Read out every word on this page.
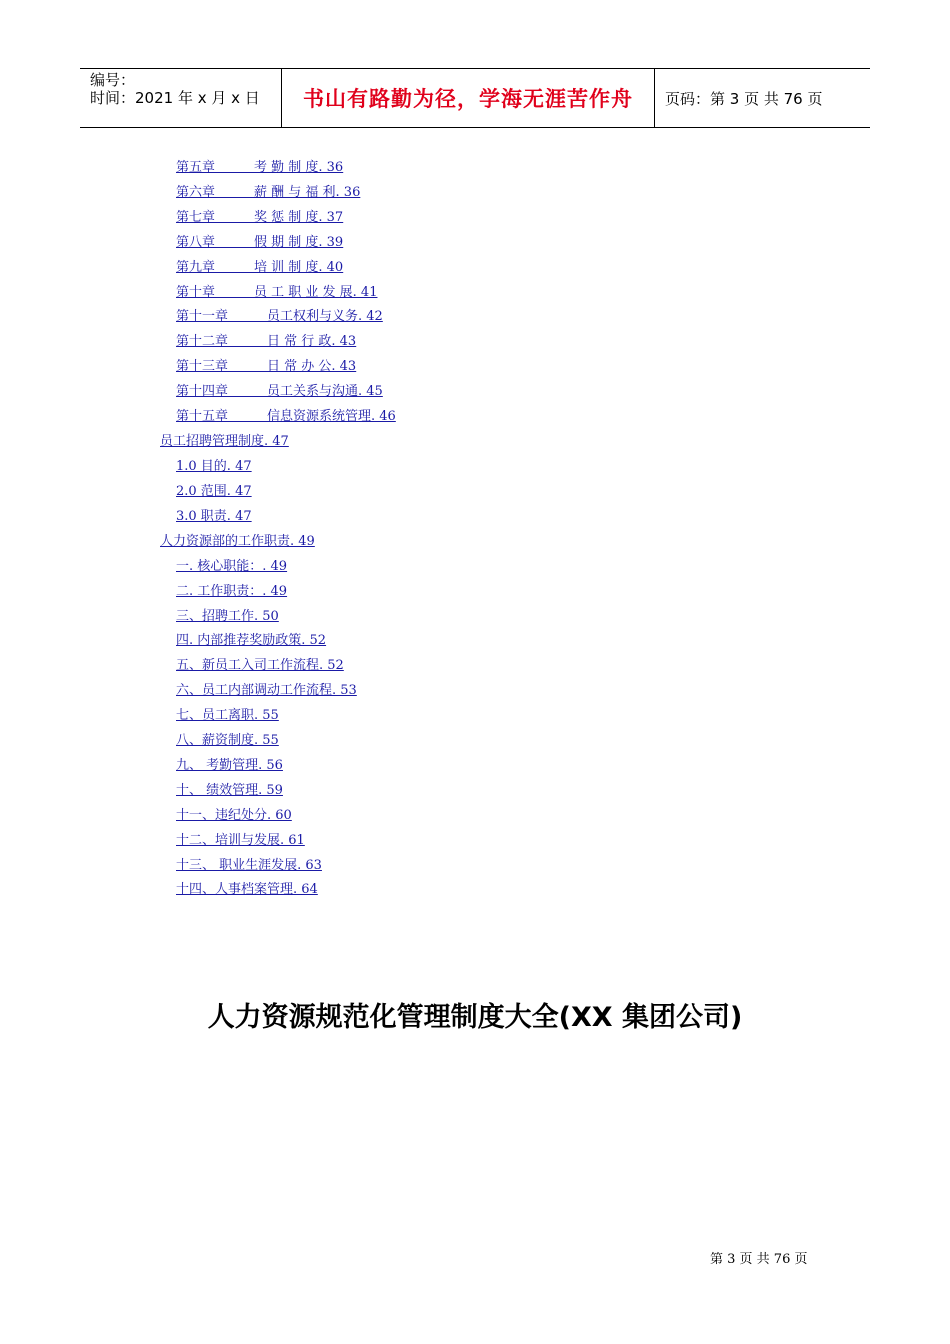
编号：
时间：2021 年 x 月 x 日	书山有路勤为径，学海无涯苦作舟 页码：第 3 页 共 76 页
第五章　　　考 勤 制 度. 36
第六章　　　薪 酬 与 福 利. 36
第七章　　　奖 惩 制 度. 37
第八章　　　假 期 制 度. 39
第九章　　　培 训 制 度. 40
第十章　　　员 工 职 业 发 展. 41
第十一章　　　员工权利与义务. 42
第十二章　　　日 常 行 政. 43
第十三章　　　日 常 办 公. 43
第十四章　　　员工关系与沟通. 45
第十五章　　　信息资源系统管理. 46
员工招聘管理制度. 47
1.0 目的. 47
2.0 范围. 47
3.0 职责. 47
人力资源部的工作职责. 49
一. 核心职能：. 49
二. 工作职责：. 49
三、招聘工作. 50
四. 内部推荐奖励政策. 52
五、新员工入司工作流程. 52
六、员工内部调动工作流程. 53
七、员工离职. 55
八、薪资制度. 55
九、 考勤管理. 56
十、 绩效管理. 59
十一、违纪处分. 60
十二、培训与发展. 61
十三、 职业生涯发展. 63
十四、人事档案管理. 64
人力资源规范化管理制度大全(XX 集团公司)
第 3 页 共 76 页
